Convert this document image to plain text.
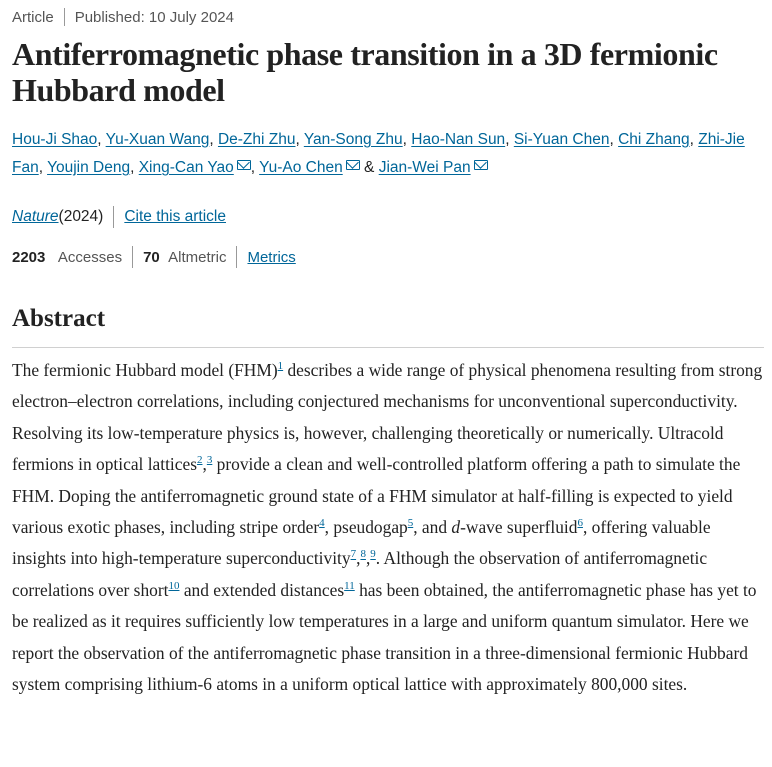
Article Published: 10 July 2024
Antiferromagnetic phase transition in a 3D fermionic Hubbard model
Hou-Ji Shao, Yu-Xuan Wang, De-Zhi Zhu, Yan-Song Zhu, Hao-Nan Sun, Si-Yuan Chen, Chi Zhang, Zhi-Jie Fan, Youjin Deng, Xing-Can Yao , Yu-Ao Chen & Jian-Wei Pan
Nature (2024) Cite this article
2203
Accesses 70
Altmetric Metrics
Abstract

The fermionic Hubbard model (FHM)$^1$ describes a wide range of physical phenomena resulting from strong electron–electron correlations, including conjectured mechanisms for unconventional superconductivity. Resolving its low-temperature physics is, however, challenging theoretically or numerically. Ultracold fermions in optical lattices$^2$,$^3$ provide a clean and well-controlled platform offering a path to simulate the FHM. Doping the antiferromagnetic ground state of a FHM simulator at half-filling is expected to yield various exotic phases, including stripe order$^4$, pseudogap$^5$, and d-wave superfluid$^6$, offering valuable insights into high-temperature superconductivity$^7$,$^8$,$^9$. Although the observation of antiferromagnetic correlations over short$^{10}$ and extended distances$^{11}$ has been obtained, the antiferromagnetic phase has yet to be realized as it requires sufficiently low temperatures in a large and uniform quantum simulator. Here we report the observation of the antiferromagnetic phase transition in a three-dimensional fermionic Hubbard system comprising lithium-6 atoms in a uniform optical lattice with approximately 800,000 sites.
